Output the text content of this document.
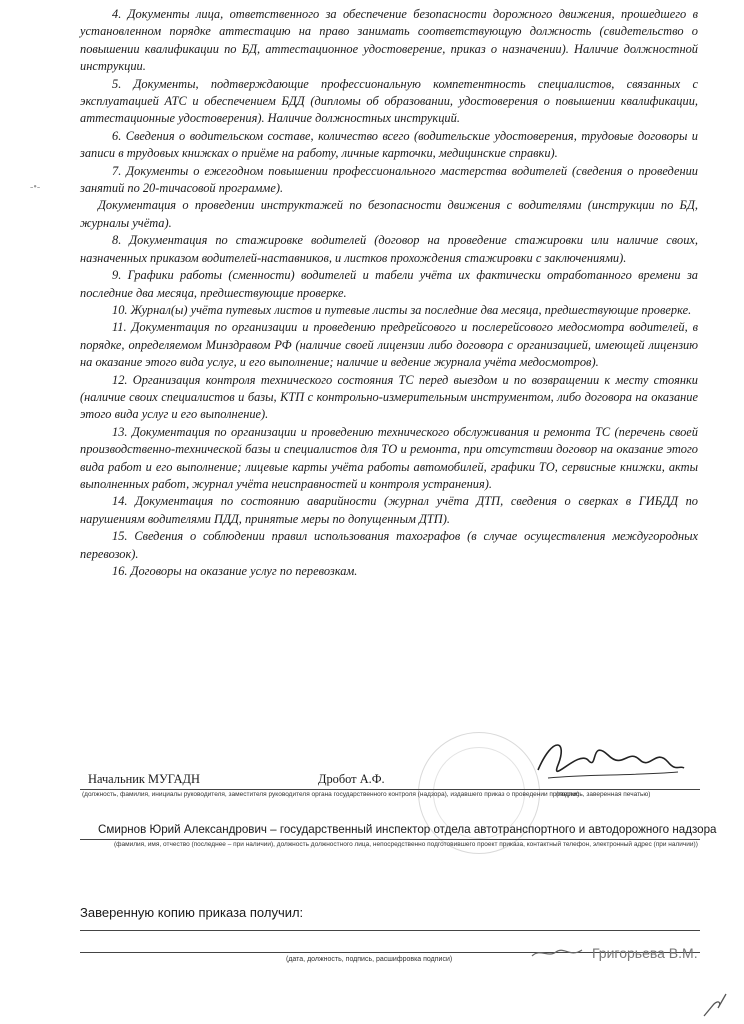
4. Документы лица, ответственного за обеспечение безопасности дорожного движения, прошедшего в установленном порядке аттестацию на право занимать соответствующую должность (свидетельство о повышении квалификации по БД, аттестационное удостоверение, приказ о назначении). Наличие должностной инструкции.

5. Документы, подтверждающие профессиональную компетентность специалистов, связанных с эксплуатацией АТС и обеспечением БДД (дипломы об образовании, удостоверения о повышении квалификации, аттестационные удостоверения). Наличие должностных инструкций.

6. Сведения о водительском составе, количество всего (водительские удостоверения, трудовые договоры и записи в трудовых книжках о приёме на работу, личные карточки, медицинские справки).

7. Документы о ежегодном повышении профессионального мастерства водителей (сведения о проведении занятий по 20-тичасовой программе).

Документация о проведении инструктажей по безопасности движения с водителями (инструкции по БД, журналы учёта).

8. Документация по стажировке водителей (договор на проведение стажировки или наличие своих, назначенных приказом водителей-наставников, и листков прохождения стажировки с заключениями).

9. Графики работы (сменности) водителей и табели учёта их фактически отработанного времени за последние два месяца, предшествующие проверке.

10. Журнал(ы) учёта путевых листов и путевые листы за последние два месяца, предшествующие проверке.

11. Документация по организации и проведению предрейсового и послерейсового медосмотра водителей, в порядке, определяемом Минздравом РФ (наличие своей лицензии либо договора с организацией, имеющей лицензию на оказание этого вида услуг, и его выполнение; наличие и ведение журнала учёта медосмотров).

12. Организация контроля технического состояния ТС перед выездом и по возвращении к месту стоянки (наличие своих специалистов и базы, КТП с контрольно-измерительным инструментом, либо договора на оказание этого вида услуг и его выполнение).

13. Документация по организации и проведению технического обслуживания и ремонта ТС (перечень своей производственно-технической базы и специалистов для ТО и ремонта, при отсутствии договор на оказание этого вида работ и его выполнение; лицевые карты учёта работы автомобилей, графики ТО, сервисные книжки, акты выполненных работ, журнал учёта неисправностей и контроля устранения).

14. Документация по состоянию аварийности (журнал учёта ДТП, сведения о сверках в ГИБДД по нарушениям водителями ПДД, принятые меры по допущенным ДТП).

15. Сведения о соблюдении правил использования тахографов (в случае осуществления междугородных перевозок).

16. Договоры на оказание услуг по перевозкам.

-•-
Начальник МУГАДН	Дробот А.Ф.
(должность, фамилия, инициалы руководителя, заместителя руководителя органа государственного контроля (надзора), издавшего приказ о проведении проверки)
(подпись, заверенная печатью)
Смирнов Юрий Александрович – государственный инспектор отдела автотранспортного и автодорожного надзора
(фамилия, имя, отчество (последнее – при наличии), должность должностного лица, непосредственно подготовившего проект приказа, контактный телефон, электронный адрес (при наличии))
Заверенную копию приказа получил:
(дата, должность, подпись, расшифровка подписи)	Григорьева В.М.
